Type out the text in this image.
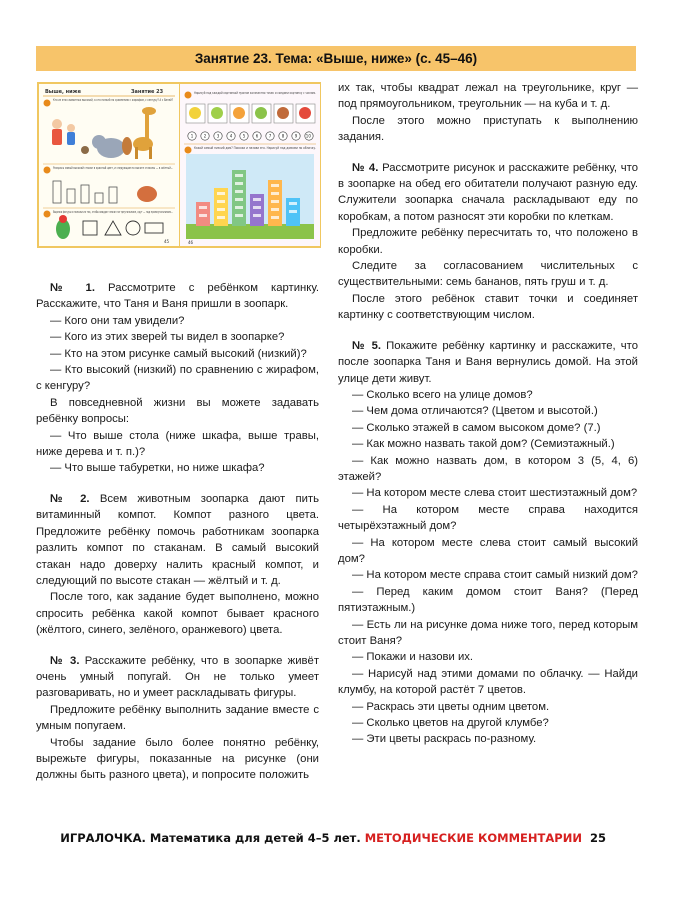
Занятие 23. Тема: «Выше, ниже» (с. 45–46)
Выше, ниже	Занятие 23
Кто из этих животных высокий, а кто низкий по сравнению с жирафом, с кенгуру? А с Ваней?
Раскрась самый высокий стакан в красный цвет, и следующие по высоте стаканы — в жёлтый...
Вырежи фигуры и положи их так, чтобы квадрат лежал на треугольнике, круг — под прямоугольником...
45
Нарисуй под каждой картинкой нужное количество точек и соедини картинку с числом.
1	2	3	4	5	6	7	8	9 10
Какой самый низкий дом? Покажи и назови его. Нарисуй над домами по облачку.
46

№ 1. Рассмотрите с ребёнком картинку. Расскажите, что Таня и Ваня пришли в зоопарк.

— Кого они там увидели?

— Кого из этих зверей ты видел в зоопарке?

— Кто на этом рисунке самый высокий (низкий)?

— Кто высокий (низкий) по сравнению с жирафом, с кенгуру?

В повседневной жизни вы можете задавать ребёнку вопросы:

— Что выше стола (ниже шкафа, выше травы, ниже дерева и т. п.)?

— Что выше табуретки, но ниже шкафа?

№ 2. Всем животным зоопарка дают пить витаминный компот. Компот разного цвета. Предложите ребёнку помочь работникам зоопарка разлить компот по стаканам. В самый высокий стакан надо доверху налить красный компот, и следующий по высоте стакан — жёлтый и т. д.

После того, как задание будет выполнено, можно спросить ребёнка какой компот бывает красного (жёлтого, синего, зелёного, оранжевого) цвета.

№ 3. Расскажите ребёнку, что в зоопарке живёт очень умный попугай. Он не только умеет разговаривать, но и умеет раскладывать фигуры.

Предложите ребёнку выполнить задание вместе с умным попугаем.

Чтобы задание было более понятно ребёнку, вырежьте фигуры, показанные на рисунке (они должны быть разного цвета), и попросите положить

их так, чтобы квадрат лежал на треугольнике, круг — под прямоугольником, треугольник — на куба и т. д.

После этого можно приступать к выполнению задания.

№ 4. Рассмотрите рисунок и расскажите ребёнку, что в зоопарке на обед его обитатели получают разную еду. Служители зоопарка сначала раскладывают еду по коробкам, а потом разносят эти коробки по клеткам.

Предложите ребёнку пересчитать то, что положено в коробки.

Следите за согласованием числительных с существительными: семь бананов, пять груш и т. д.

После этого ребёнок ставит точки и соединяет картинку с соответствующим числом.

№ 5. Покажите ребёнку картинку и расскажите, что после зоопарка Таня и Ваня вернулись домой. На этой улице дети живут.

— Сколько всего на улице домов?

— Чем дома отличаются? (Цветом и высотой.)

— Сколько этажей в самом высоком доме? (7.)

— Как можно назвать такой дом? (Семиэтажный.)

— Как можно назвать дом, в котором 3 (5, 4, 6) этажей?

— На котором месте слева стоит шестиэтажный дом?

— На котором месте справа находится четырёхэтажный дом?

— На котором месте слева стоит самый высокий дом?

— На котором месте справа стоит самый низкий дом?

— Перед каким домом стоит Ваня? (Перед пятиэтажным.)

— Есть ли на рисунке дома ниже того, перед которым стоит Ваня?

— Покажи и назови их.

— Нарисуй над этими домами по облачку. — Найди клумбу, на которой растёт 7 цветов.

— Раскрась эти цветы одним цветом.

— Сколько цветов на другой клумбе?

— Эти цветы раскрась по-разному.

ИГРАЛОЧКА. Математика для детей 4–5 лет. МЕТОДИЧЕСКИЕ КОММЕНТАРИИ 25
